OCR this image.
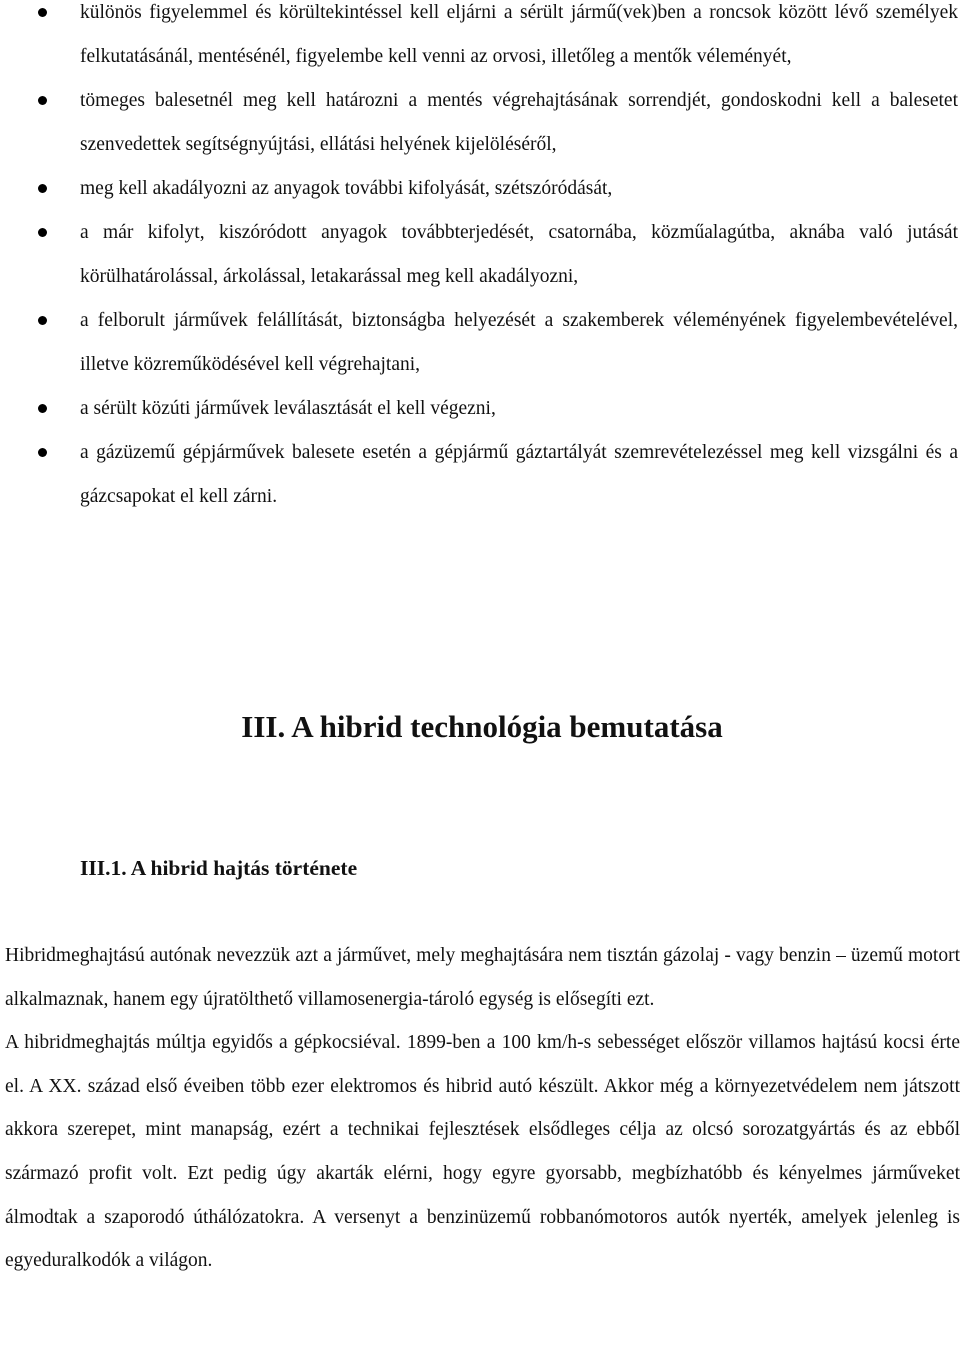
különös figyelemmel és körültekintéssel kell eljárni a sérült jármű(vek)ben a roncsok között lévő személyek felkutatásánál, mentésénél, figyelembe kell venni az orvosi, illetőleg a mentők véleményét,
tömeges balesetnél meg kell határozni a mentés végrehajtásának sorrendjét, gondoskodni kell a balesetet szenvedettek segítségnyújtási, ellátási helyének kijelöléséről,
meg kell akadályozni az anyagok további kifolyását, szétszóródását,
a már kifolyt, kiszóródott anyagok továbbterjedését, csatornába, közműalagútba, aknába való jutását körülhatárolással, árkolással, letakarással meg kell akadályozni,
a felborult járművek felállítását, biztonságba helyezését a szakemberek véleményének figyelembevételével, illetve közreműködésével kell végrehajtani,
a sérült közúti járművek leválasztását el kell végezni,
a gázüzemű gépjárművek balesete esetén a gépjármű gáztartályát szemrevételezéssel meg kell vizsgálni és a gázcsapokat el kell zárni.
III. A hibrid technológia bemutatása
III.1. A hibrid hajtás története

Hibridmeghajtású autónak nevezzük azt a járművet, mely meghajtására nem tisztán gázolaj - vagy benzin – üzemű motort alkalmaznak, hanem egy újratölthető villamosenergia-tároló egység is elősegíti ezt.

A hibridmeghajtás múltja egyidős a gépkocsiéval. 1899-ben a 100 km/h-s sebességet először villamos hajtású kocsi érte el. A XX. század első éveiben több ezer elektromos és hibrid autó készült. Akkor még a környezetvédelem nem játszott akkora szerepet, mint manapság, ezért a technikai fejlesztések elsődleges célja az olcsó sorozatgyártás és az ebből származó profit volt. Ezt pedig úgy akarták elérni, hogy egyre gyorsabb, megbízhatóbb és kényelmes járműveket álmodtak a szaporodó úthálózatokra. A versenyt a benzinüzemű robbanómotoros autók nyerték, amelyek jelenleg is egyeduralkodók a világon.
